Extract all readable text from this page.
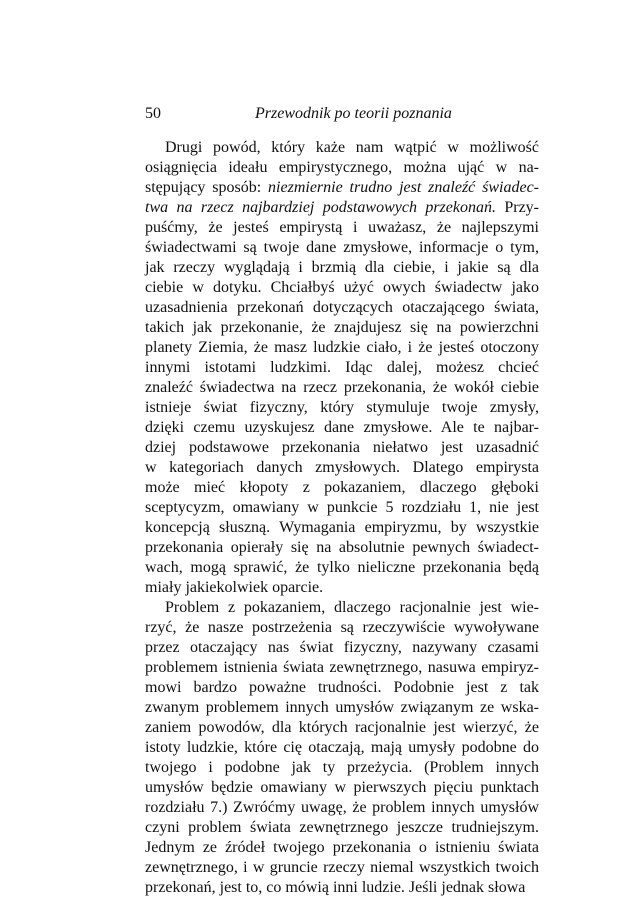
50	Przewodnik po teorii poznania
Drugi powód, który każe nam wątpić w możliwość
osiągnięcia ideału empirystycznego, można ująć w na-
stępujący sposób: niezmiernie trudno jest znaleźć świadec-
twa na rzecz najbardziej podstawowych przekonań. Przy-
puśćmy, że jesteś empirystą i uważasz, że najlepszymi
świadectwami są twoje dane zmysłowe, informacje o tym,
jak rzeczy wyglądają i brzmią dla ciebie, i jakie są dla
ciebie w dotyku. Chciałbyś użyć owych świadectw jako
uzasadnienia przekonań dotyczących otaczającego świata,
takich jak przekonanie, że znajdujesz się na powierzchni
planety Ziemia, że masz ludzkie ciało, i że jesteś otoczony
innymi istotami ludzkimi. Idąc dalej, możesz chcieć
znaleźć świadectwa na rzecz przekonania, że wokół ciebie
istnieje świat fizyczny, który stymuluje twoje zmysły,
dzięki czemu uzyskujesz dane zmysłowe. Ale te najbar-
dziej podstawowe przekonania niełatwo jest uzasadnić
w kategoriach danych zmysłowych. Dlatego empirysta
może mieć kłopoty z pokazaniem, dlaczego głęboki
sceptycyzm, omawiany w punkcie 5 rozdziału 1, nie jest
koncepcją słuszną. Wymagania empiryzmu, by wszystkie
przekonania opierały się na absolutnie pewnych świadect-
wach, mogą sprawić, że tylko nieliczne przekonania będą
miały jakiekolwiek oparcie.
Problem z pokazaniem, dlaczego racjonalnie jest wie-
rzyć, że nasze postrzeżenia są rzeczywiście wywoływane
przez otaczający nas świat fizyczny, nazywany czasami
problemem istnienia świata zewnętrznego, nasuwa empiryz-
mowi bardzo poważne trudności. Podobnie jest z tak
zwanym problemem innych umysłów związanym ze wska-
zaniem powodów, dla których racjonalnie jest wierzyć, że
istoty ludzkie, które cię otaczają, mają umysły podobne do
twojego i podobne jak ty przeżycia. (Problem innych
umysłów będzie omawiany w pierwszych pięciu punktach
rozdziału 7.) Zwróćmy uwagę, że problem innych umysłów
czyni problem świata zewnętrznego jeszcze trudniejszym.
Jednym ze źródeł twojego przekonania o istnieniu świata
zewnętrznego, i w gruncie rzeczy niemal wszystkich twoich
przekonań, jest to, co mówią inni ludzie. Jeśli jednak słowa
